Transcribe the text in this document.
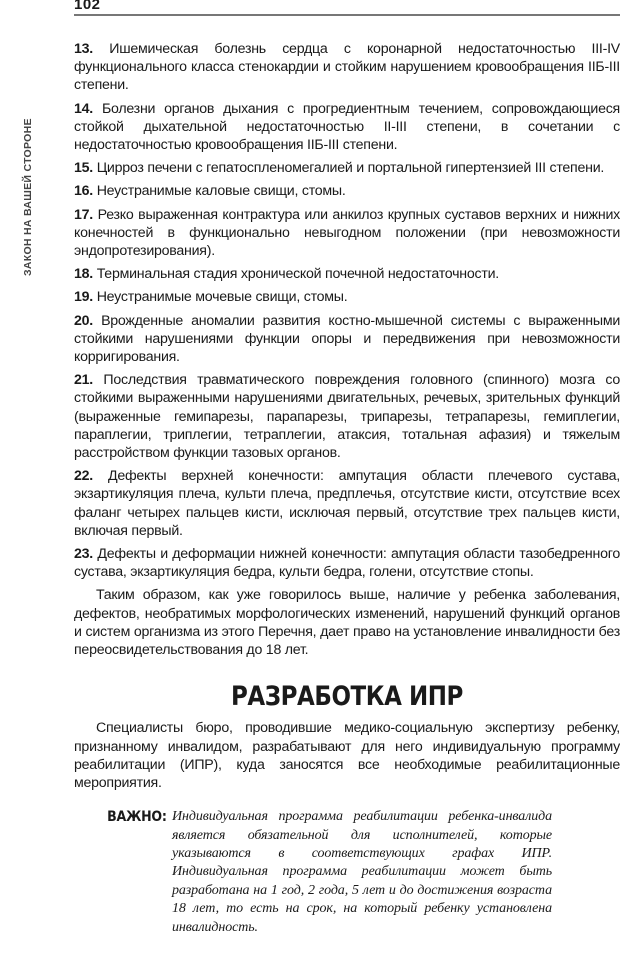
102
ЗАКОН НА ВАШЕЙ СТОРОНЕ

13. Ишемическая болезнь сердца с коронарной недостаточностью III-IV функционального класса стенокардии и стойким нарушением кровообращения IIБ-III степени.

14. Болезни органов дыхания с прогредиентным течением, сопровождающиеся стойкой дыхательной недостаточностью II-III степени, в сочетании с недостаточностью кровообращения IIБ-III степени.

15. Цирроз печени с гепатоспленомегалией и портальной гипертензией III степени.

16. Неустранимые каловые свищи, стомы.

17. Резко выраженная контрактура или анкилоз крупных суставов верхних и нижних конечностей в функционально невыгодном положении (при невозможности эндопротезирования).

18. Терминальная стадия хронической почечной недостаточности.

19. Неустранимые мочевые свищи, стомы.

20. Врожденные аномалии развития костно-мышечной системы с выраженными стойкими нарушениями функции опоры и передвижения при невозможности корригирования.

21. Последствия травматического повреждения головного (спинного) мозга со стойкими выраженными нарушениями двигательных, речевых, зрительных функций (выраженные гемипарезы, парапарезы, трипарезы, тетрапарезы, гемиплегии, параплегии, триплегии, тетраплегии, атаксия, тотальная афазия) и тяжелым расстройством функции тазовых органов.

22. Дефекты верхней конечности: ампутация области плечевого сустава, экзартикуляция плеча, культи плеча, предплечья, отсутствие кисти, отсутствие всех фаланг четырех пальцев кисти, исключая первый, отсутствие трех пальцев кисти, включая первый.

23. Дефекты и деформации нижней конечности: ампутация области тазобедренного сустава, экзартикуляция бедра, культи бедра, голени, отсутствие стопы.

Таким образом, как уже говорилось выше, наличие у ребенка заболевания, дефектов, необратимых морфологических изменений, нарушений функций органов и систем организма из этого Перечня, дает право на установление инвалидности без переосвидетельствования до 18 лет.

РАЗРАБОТКА ИПР

Специалисты бюро, проводившие медико-социальную экспертизу ребенку, признанному инвалидом, разрабатывают для него индивидуальную программу реабилитации (ИПР), куда заносятся все необходимые реабилитационные мероприятия.

ВАЖНО: Индивидуальная программа реабилитации ребенка-инвалида является обязательной для исполнителей, которые указываются в соответствующих графах ИПР. Индивидуальная программа реабилитации может быть разработана на 1 год, 2 года, 5 лет и до достижения возраста 18 лет, то есть на срок, на который ребенку установлена инвалидность.
